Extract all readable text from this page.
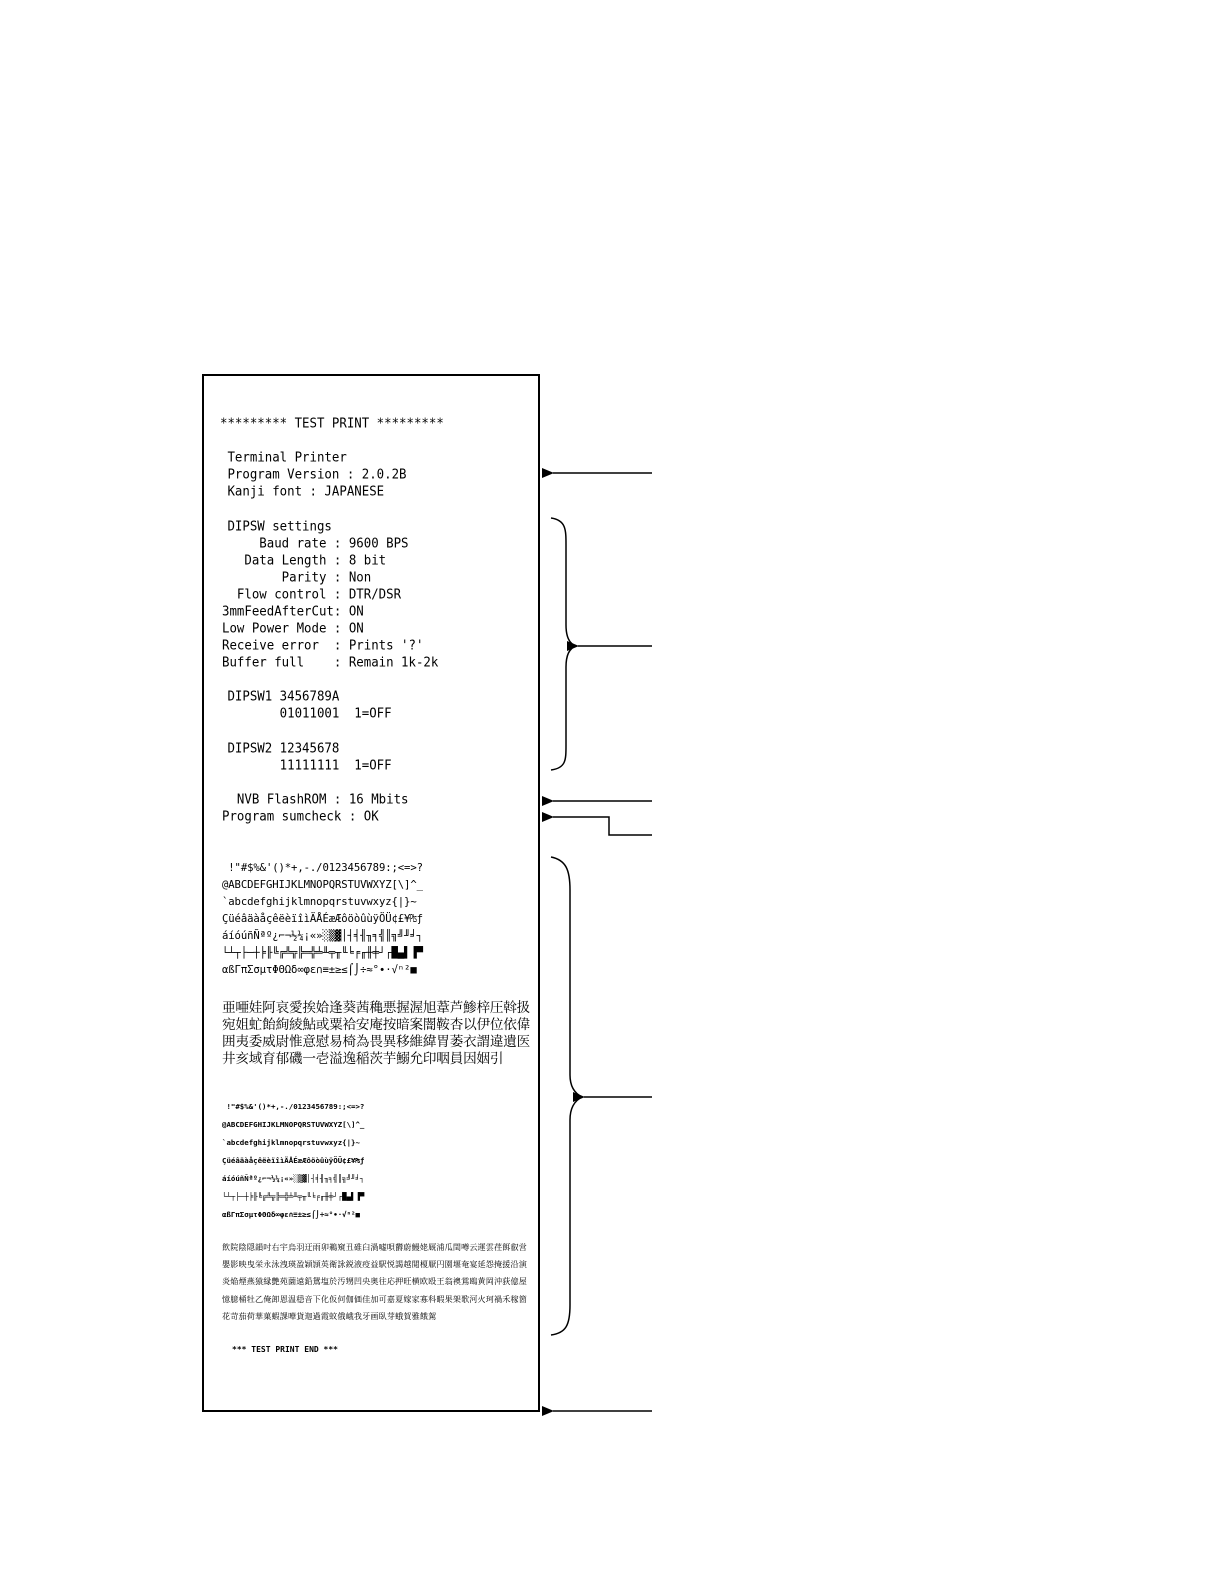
********* TEST PRINT *********

Terminal Printer

Program Version : 2.0.2B

Kanji font : JAPANESE

DIPSW settings

Baud rate : 9600 BPS

Data Length : 8 bit

Parity : Non

Flow control : DTR/DSR

3mmFeedAfterCut: ON

Low Power Mode : ON

Receive error  : Prints '?'

Buffer full    : Remain 1k-2k

DIPSW1 3456789A

01011001  1=OFF

DIPSW2 12345678

11111111  1=OFF

NVB FlashROM : 16 Mbits

Program sumcheck : OK

!"#$%&'()*+,-./0123456789:;<=>?

@ABCDEFGHIJKLMNOPQRSTUVWXYZ[\]^_

`abcdefghijklmnopqrstuvwxyz{|}~

ÇüéâäàåçêëèïîìÄÅÉæÆôöòûùÿÖÜ¢£¥₧ƒ

áíóúñÑªº¿⌐¬½¼¡«»░▒▓│┤╡╢╖╕╣║╗╝╜╛┐

└┴┬├─┼╞╟╚╔╩╦╠═╬╧╨╤╥╙╘╒╓╫╪┘┌█▄▌▐▀

αßΓπΣσµτΦΘΩδ∞φε∩≡±≥≤⌠⌡÷≈°∙·√ⁿ²■

亜唖娃阿哀愛挨姶逢葵茜穐悪握渥旭葦芦鯵梓圧斡扱宛姐虻飴絢綾鮎或粟袷安庵按暗案闇鞍杏以伊位依偉囲夷委威尉惟意慰易椅為畏異移維緯胃萎衣謂違遺医井亥域育郁磯一壱溢逸稲茨芋鰯允印咽員因姻引

!"#$%&'()*+,-./0123456789:;<=>?

@ABCDEFGHIJKLMNOPQRSTUVWXYZ[\]^_

`abcdefghijklmnopqrstuvwxyz{|}~

ÇüéâäàåçêëèïîìÄÅÉæÆôöòûùÿÖÜ¢£¥₧ƒ

áíóúñÑªº¿⌐¬½¼¡«»░▒▓│┤╡╢╖╕╣║╗╝╜╛┐

└┴┬├─┼╞╟╚╔╩╦╠═╬╧╨╤╥╙╘╒╓╫╪┘┌█▄▌▐▀

αßΓπΣσµτΦΘΩδ∞φε∩≡±≥≤⌠⌡÷≈°∙·√ⁿ²■

飲院陰隠韻吋右宇烏羽迂雨卯鵜窺丑碓臼渦嘘唄欝蔚鰻姥厩浦瓜閏噂云運雲荏餌叡営嬰影映曳栄永泳洩瑛盈穎頴英衛詠鋭液疫益駅悦謁越閲榎厭円園堰奄宴延怨掩援沿演炎焔煙燕猿縁艶苑薗遠鉛鴛塩於汚甥凹央奥往応押旺横欧殴王翁襖鴬鴎黄岡沖荻億屋憶臆桶牡乙俺卸恩温穏音下化仮何伽価佳加可嘉夏嫁家寡科暇果架歌河火珂禍禾稼箇花苛茄荷華菓蝦課嘩貨迦過霞蚊俄峨我牙画臥芽蛾賀雅餓駕

*** TEST PRINT END ***
